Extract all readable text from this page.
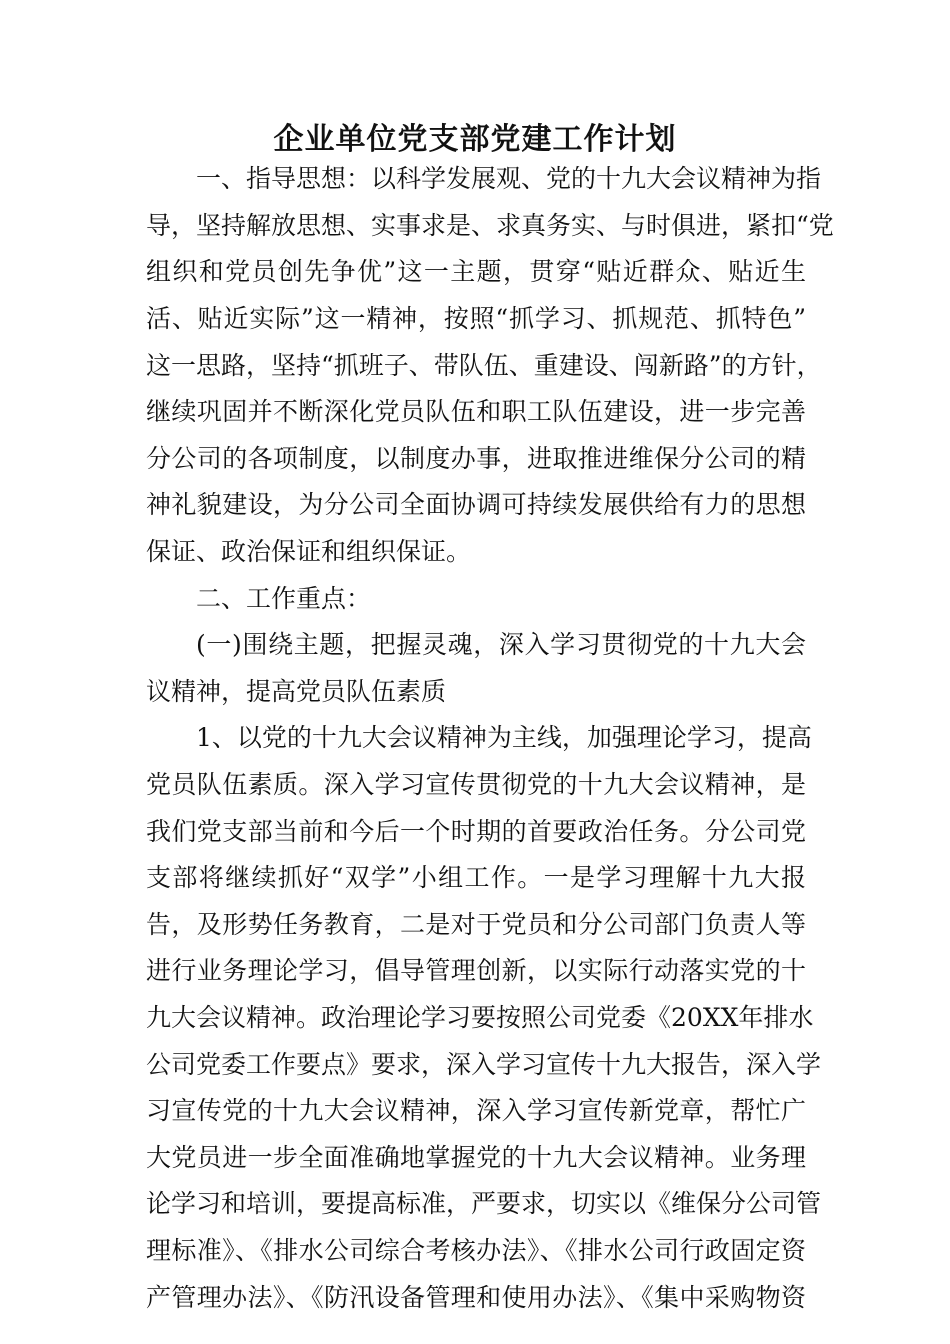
企业单位党支部党建工作计划
一、指导思想：以科学发展观、党的十九大会议精神为指
导，坚持解放思想、实事求是、求真务实、与时俱进，紧扣“党
组织和党员创先争优”这一主题，贯穿“贴近群众、贴近生
活、贴近实际”这一精神，按照“抓学习、抓规范、抓特色”
这一思路，坚持“抓班子、带队伍、重建设、闯新路”的方针，
继续巩固并不断深化党员队伍和职工队伍建设，进一步完善
分公司的各项制度，以制度办事，进取推进维保分公司的精
神礼貌建设，为分公司全面协调可持续发展供给有力的思想
保证、政治保证和组织保证。
二、工作重点：
(一)围绕主题，把握灵魂，深入学习贯彻党的十九大会
议精神，提高党员队伍素质
1、以党的十九大会议精神为主线，加强理论学习，提高
党员队伍素质。深入学习宣传贯彻党的十九大会议精神，是
我们党支部当前和今后一个时期的首要政治任务。分公司党
支部将继续抓好“双学”小组工作。一是学习理解十九大报
告，及形势任务教育，二是对于党员和分公司部门负责人等
进行业务理论学习，倡导管理创新，以实际行动落实党的十
九大会议精神。政治理论学习要按照公司党委《20XX年排水
公司党委工作要点》要求，深入学习宣传十九大报告，深入学
习宣传党的十九大会议精神，深入学习宣传新党章，帮忙广
大党员进一步全面准确地掌握党的十九大会议精神。业务理
论学习和培训，要提高标准，严要求，切实以《维保分公司管
理标准》、《排水公司综合考核办法》、《排水公司行政固定资
产管理办法》、《防汛设备管理和使用办法》、《集中采购物资
